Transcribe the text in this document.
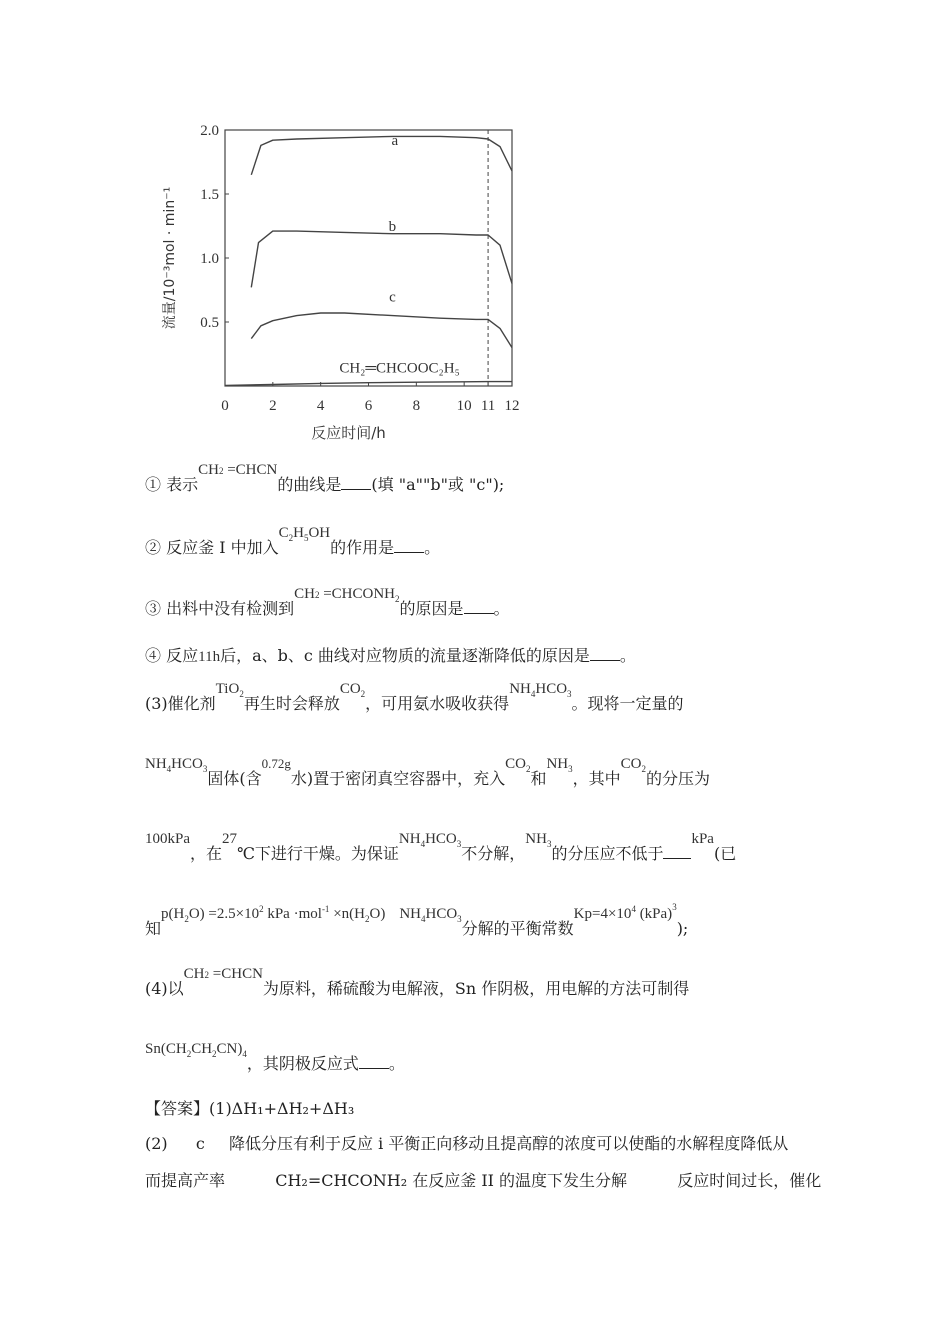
0	2	4	6	8 10 11 12
0.5
1.0
1.5
2.0
a
b
c
CH₂═CHCOOC₂H₅
反应时间/h
流量/10⁻³mol · min⁻¹
① 表示CH2 =CHCN的曲线是 (填 "a""b"或 "c");
② 反应釜 I 中加入$C_2H_5OH$的作用是 。
③ 出料中没有检测到$CH2 =CHCONH_2$的原因是 。
④ 反应11h后，a、b、c 曲线对应物质的流量逐渐降低的原因是 。
(3)催化剂TiO$_2$再生时会释放$CO_2$，可用氨水吸收获得$NH_4HCO_3$。现将一定量的
$NH_4HCO_3$固体(含$^{0.72g}$水)置于密闭真空容器中，充入$CO_2$和$NH_3$，其中$CO_2$的分压为
100kPa，在27℃下进行干燥。为保证$NH_4HCO_3$不分解，$NH_3$的分压应不低于kPa(已
知$p(H_2O) =2.5\times 10^2$ kPa $\cdot mol^{-1} \times n(H_2O)$ $NH_4HCO_3$分解的平衡常数$Kp=4\times 10^4$ (kPa)$^3$);
(4)以CH2 =CHCN为原料，稀硫酸为电解液，Sn 作阴极，用电解的方法可制得
$Sn(CH_2CH_2CN)_4$，其阴极反应式 。
【答案】(1)ΔH₁+ΔH₂+ΔH₃
(2) c 降低分压有利于反应 i 平衡正向移动且提高醇的浓度可以使酯的水解程度降低从
而提高产率	CH₂=CHCONH₂ 在反应釜 II 的温度下发生分解	反应时间过长，催化
